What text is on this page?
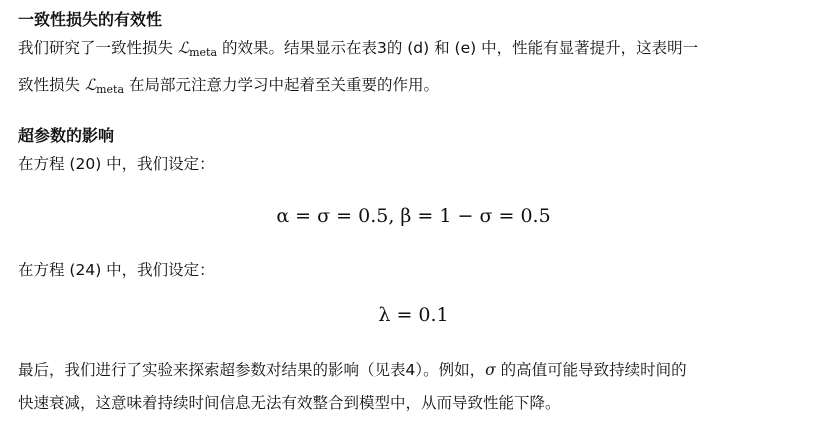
一致性损失的有效性

我们研究了一致性损失 ℒ$_{meta}$ 的效果。结果显示在表3的 (d) 和 (e) 中，性能有显著提升，这表明一

致性损失 ℒ$_{meta}$ 在局部元注意力学习中起着至关重要的作用。

超参数的影响

在方程 (20) 中，我们设定：

α = σ = 0.5, β = 1 − σ = 0.5

在方程 (24) 中，我们设定：

λ = 0.1

最后，我们进行了实验来探索超参数对结果的影响（见表4）。例如，σ 的高值可能导致持续时间的

快速衰减，这意味着持续时间信息无法有效整合到模型中，从而导致性能下降。
